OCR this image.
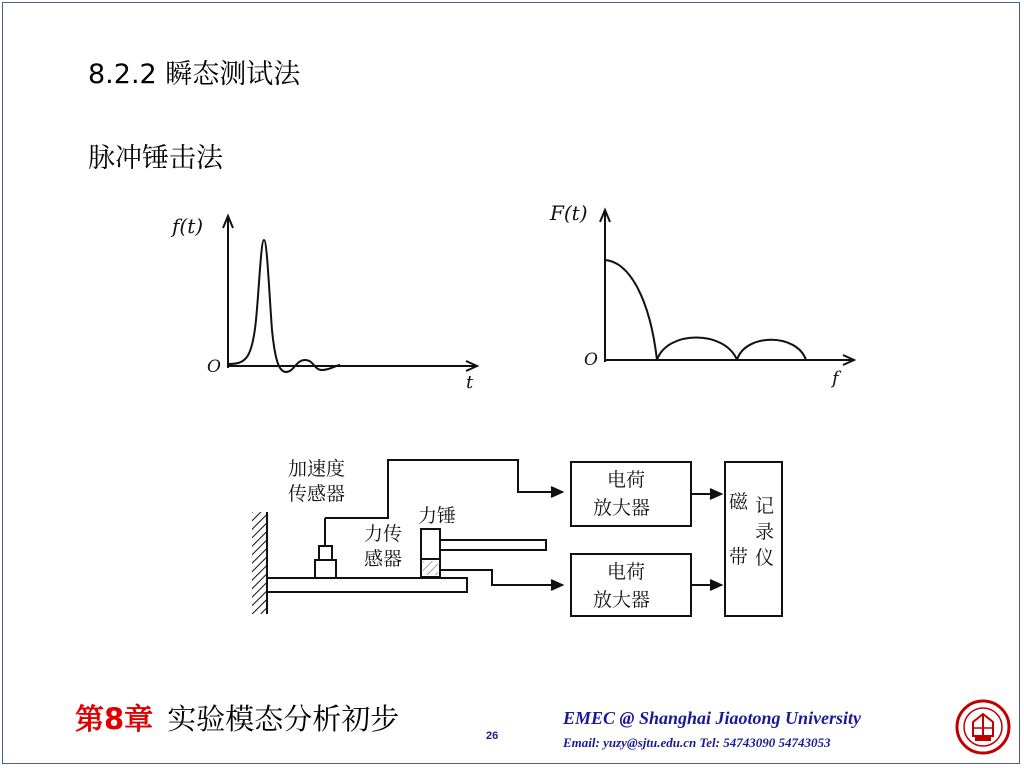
8.2.2 瞬态测试法
脉冲锤击法
f(t)
t
O
F(t)
f
O
加速度
传感器
力传
感器
力锤
电荷
放大器
电荷
放大器
磁
带
记
录
仪
第8章 实验模态分析初步	26
EMEC @ Shanghai Jiaotong University
Email: yuzy@sjtu.edu.cn Tel: 54743090 54743053
